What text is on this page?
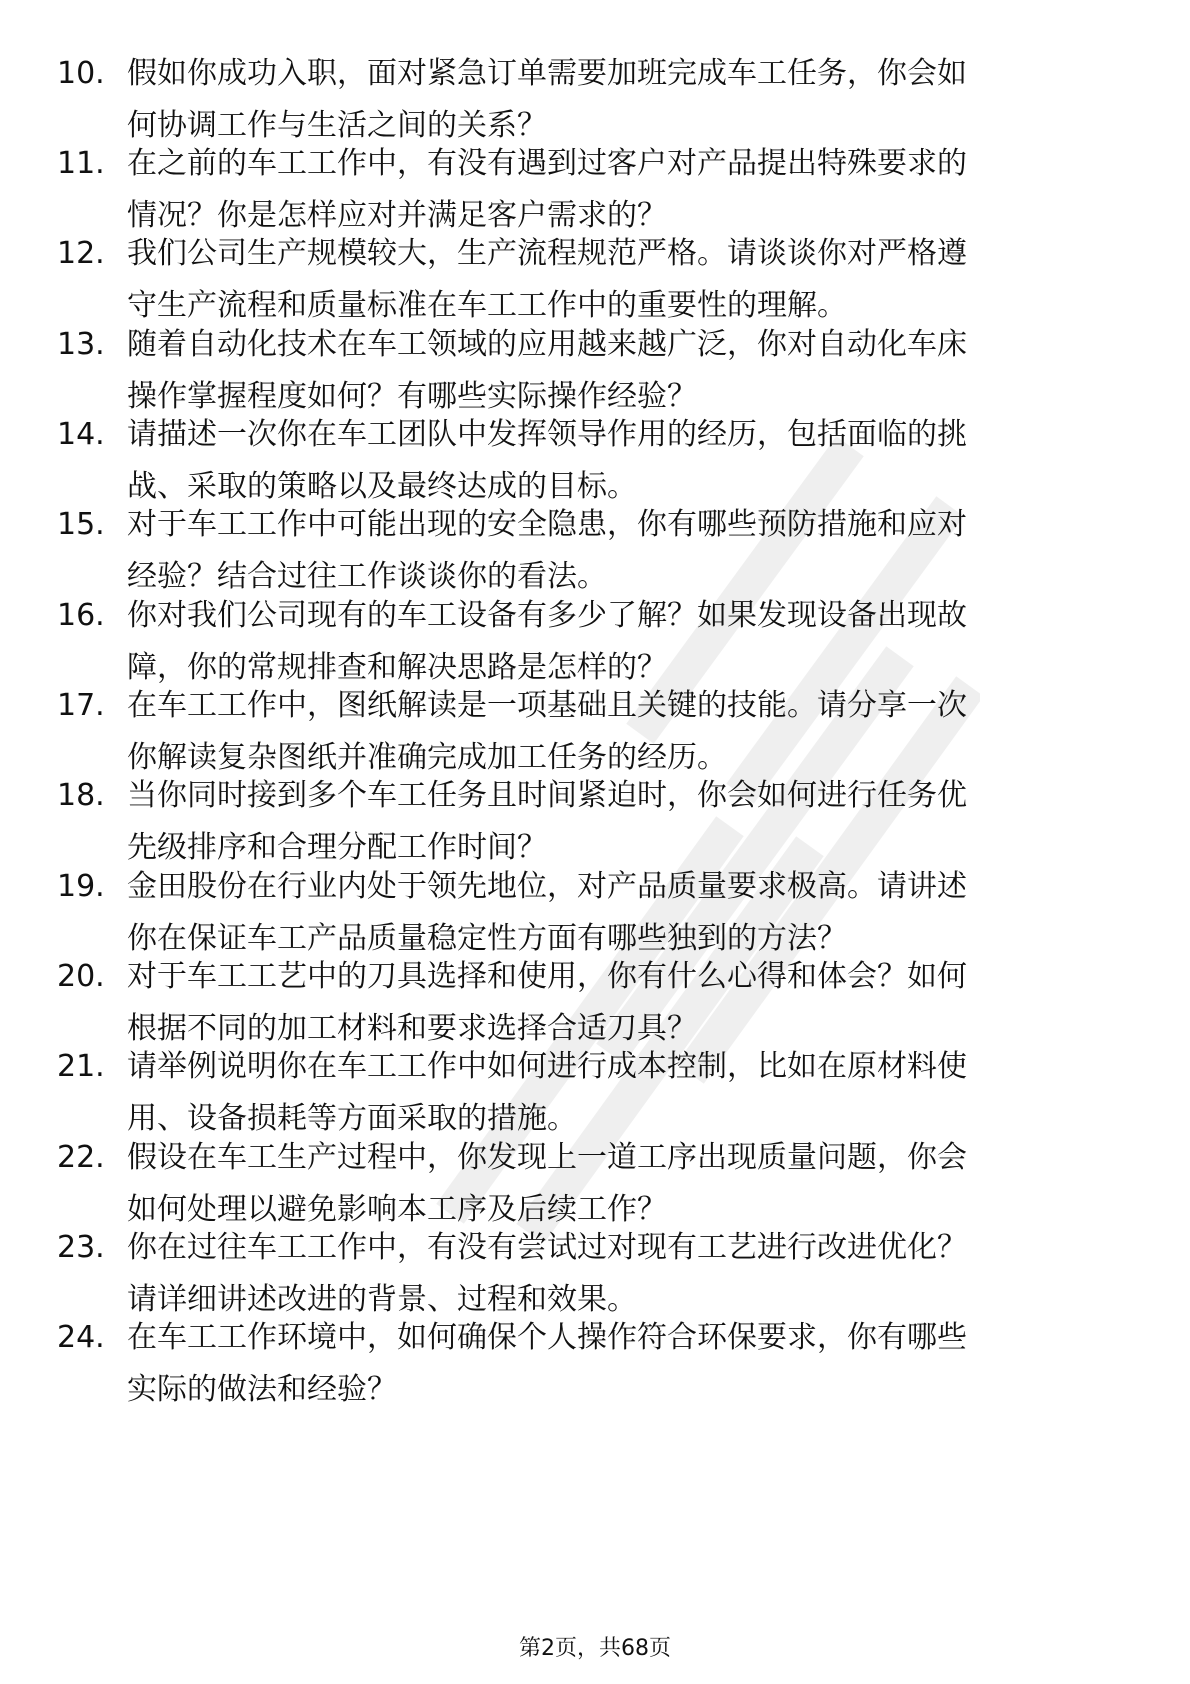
10. 假如你成功入职，面对紧急订单需要加班完成车工任务，你会如
何协调工作与生活之间的关系？
11. 在之前的车工工作中，有没有遇到过客户对产品提出特殊要求的
情况？你是怎样应对并满足客户需求的？
12. 我们公司生产规模较大，生产流程规范严格。请谈谈你对严格遵
守生产流程和质量标准在车工工作中的重要性的理解。
13. 随着自动化技术在车工领域的应用越来越广泛，你对自动化车床
操作掌握程度如何？有哪些实际操作经验？
14. 请描述一次你在车工团队中发挥领导作用的经历，包括面临的挑
战、采取的策略以及最终达成的目标。
15. 对于车工工作中可能出现的安全隐患，你有哪些预防措施和应对
经验？结合过往工作谈谈你的看法。
16. 你对我们公司现有的车工设备有多少了解？如果发现设备出现故
障，你的常规排查和解决思路是怎样的？
17. 在车工工作中，图纸解读是一项基础且关键的技能。请分享一次
你解读复杂图纸并准确完成加工任务的经历。
18. 当你同时接到多个车工任务且时间紧迫时，你会如何进行任务优
先级排序和合理分配工作时间？
19. 金田股份在行业内处于领先地位，对产品质量要求极高。请讲述
你在保证车工产品质量稳定性方面有哪些独到的方法？
20. 对于车工工艺中的刀具选择和使用，你有什么心得和体会？如何
根据不同的加工材料和要求选择合适刀具？
21. 请举例说明你在车工工作中如何进行成本控制，比如在原材料使
用、设备损耗等方面采取的措施。
22. 假设在车工生产过程中，你发现上一道工序出现质量问题，你会
如何处理以避免影响本工序及后续工作？
23. 你在过往车工工作中，有没有尝试过对现有工艺进行改进优化？
请详细讲述改进的背景、过程和效果。
24. 在车工工作环境中，如何确保个人操作符合环保要求，你有哪些
实际的做法和经验？
第2页，共68页
